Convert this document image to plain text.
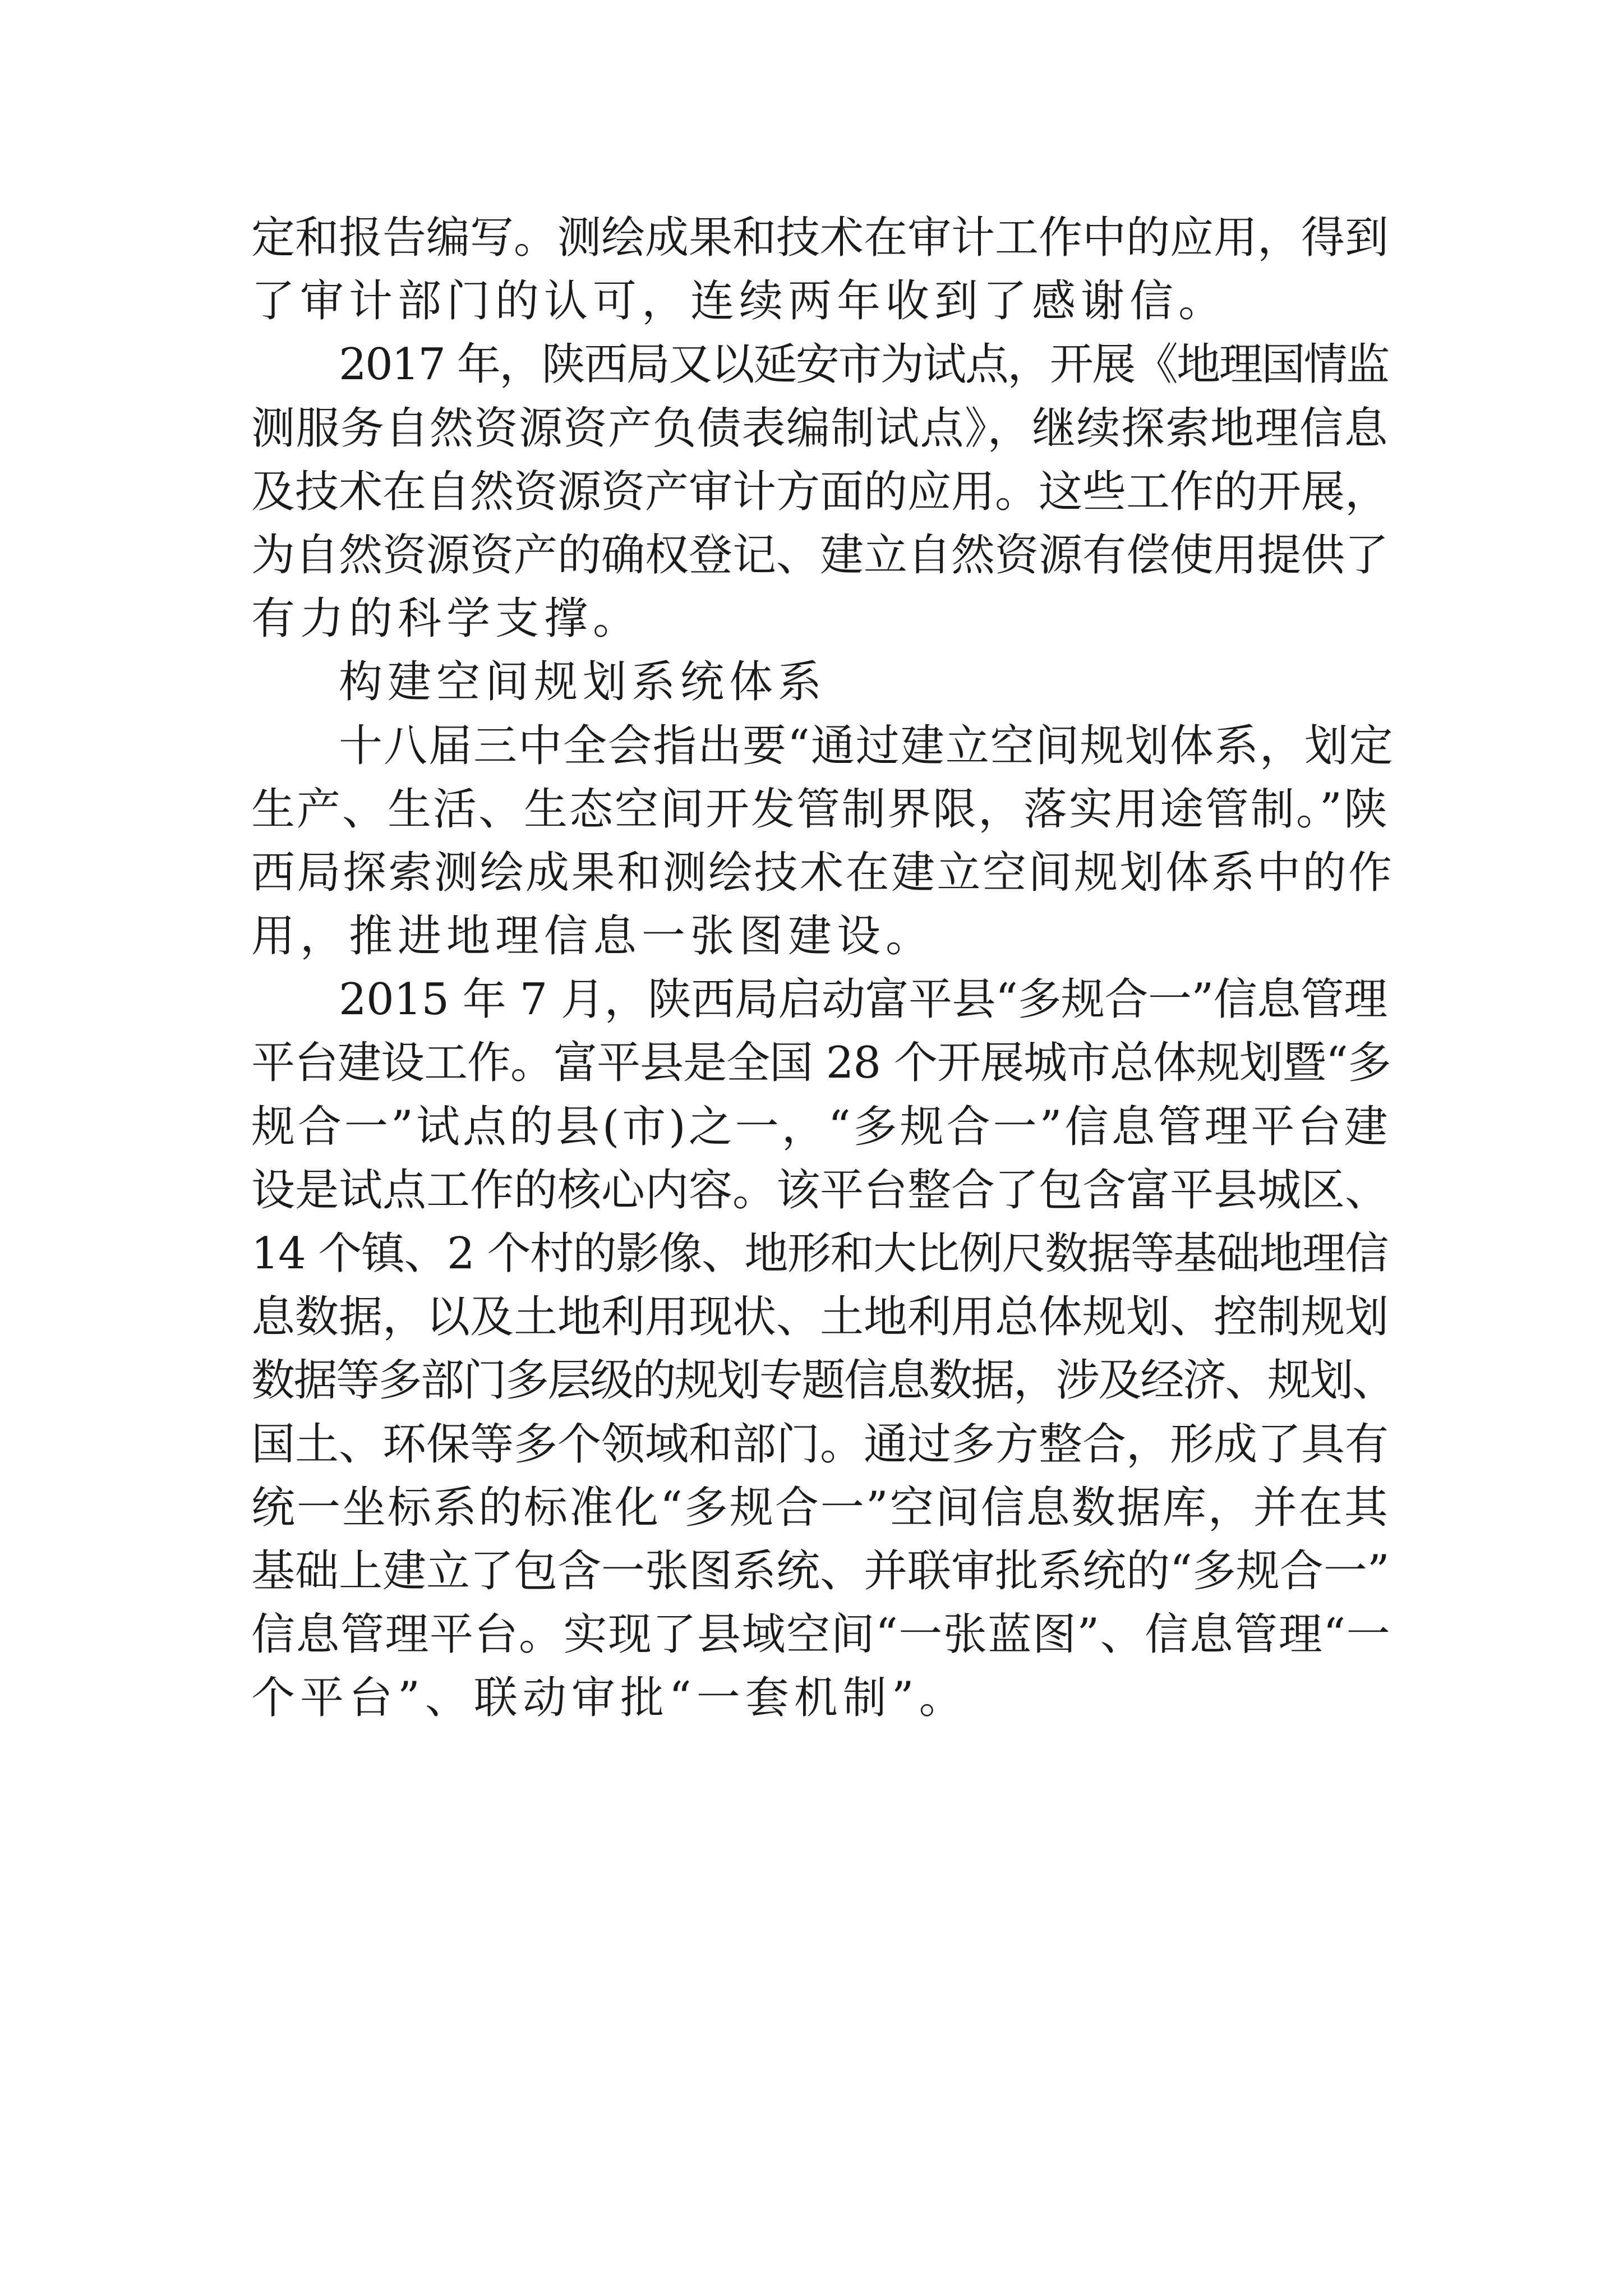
定和报告编写。测绘成果和技术在审计工作中的应用，得到
了审计部门的认可，连续两年收到了感谢信。
2017 年，陕西局又以延安市为试点，开展《地理国情监
测服务自然资源资产负债表编制试点》，继续探索地理信息
及技术在自然资源资产审计方面的应用。这些工作的开展，
为自然资源资产的确权登记、建立自然资源有偿使用提供了
有力的科学支撑。
构建空间规划系统体系
十八届三中全会指出要“通过建立空间规划体系，划定
生产、生活、生态空间开发管制界限，落实用途管制。”陕
西局探索测绘成果和测绘技术在建立空间规划体系中的作
用，推进地理信息一张图建设。
2015 年 7 月，陕西局启动富平县“多规合一”信息管理
平台建设工作。富平县是全国 28 个开展城市总体规划暨“多
规合一”试点的县(市)之一，“多规合一”信息管理平台建
设是试点工作的核心内容。该平台整合了包含富平县城区、
14 个镇、2 个村的影像、地形和大比例尺数据等基础地理信
息数据，以及土地利用现状、土地利用总体规划、控制规划
数据等多部门多层级的规划专题信息数据，涉及经济、规划、
国土、环保等多个领域和部门。通过多方整合，形成了具有
统一坐标系的标准化“多规合一”空间信息数据库，并在其
基础上建立了包含一张图系统、并联审批系统的“多规合一”
信息管理平台。实现了县域空间“一张蓝图”、信息管理“一
个平台”、联动审批“一套机制”。
